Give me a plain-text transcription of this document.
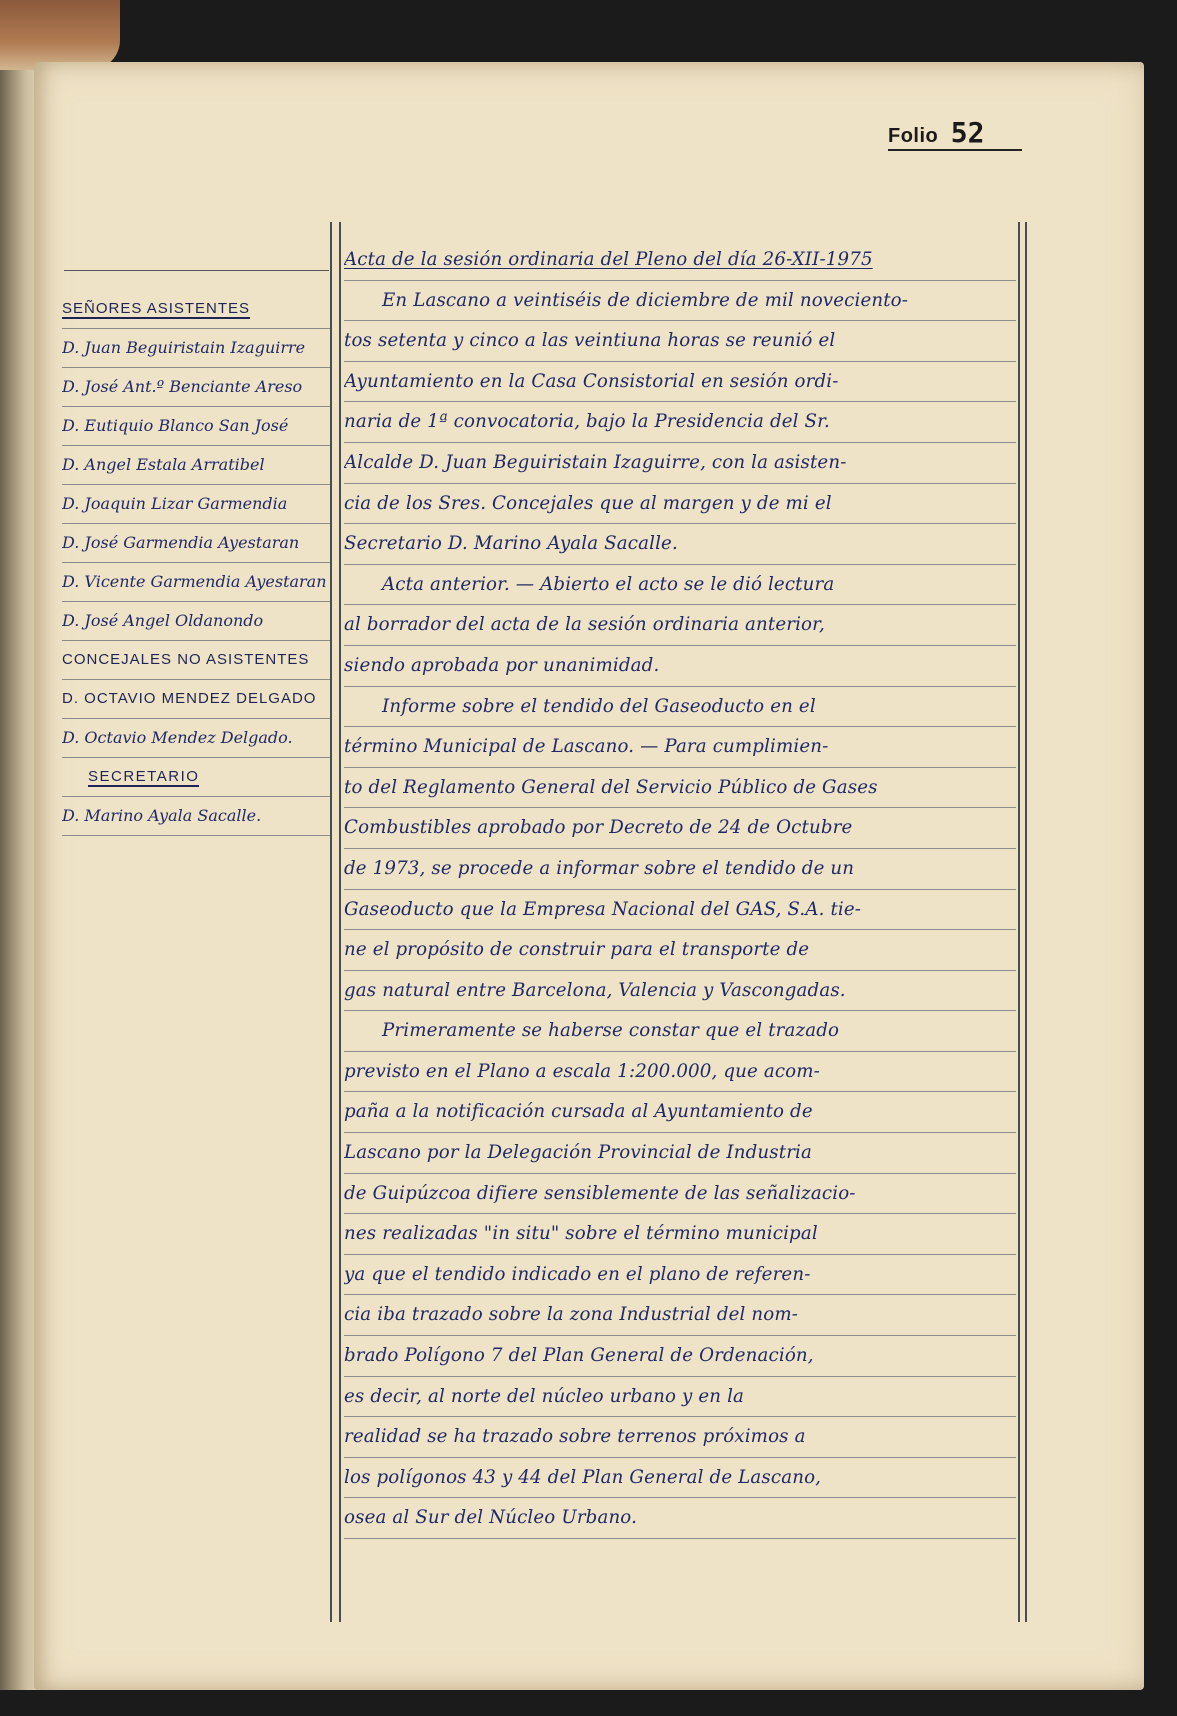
Folio 52
SEÑORES ASISTENTES
D. Juan Beguiristain Izaguirre
D. José Ant.º Benciante Areso
D. Eutiquio Blanco San José
D. Angel Estala Arratibel
D. Joaquin Lizar Garmendia
D. José Garmendia Ayestaran
D. Vicente Garmendia Ayestaran
D. José Angel Oldanondo
CONCEJALES NO ASISTENTES
D. OCTAVIO MENDEZ DELGADO
D. Octavio Mendez Delgado.
SECRETARIO
D. Marino Ayala Sacalle.
Acta de la sesión ordinaria del Pleno del día 26-XII-1975
En Lascano a veintiséis de diciembre de mil noveciento-
tos setenta y cinco a las veintiuna horas se reunió el
Ayuntamiento en la Casa Consistorial en sesión ordi-
naria de 1ª convocatoria, bajo la Presidencia del Sr.
Alcalde D. Juan Beguiristain Izaguirre, con la asisten-
cia de los Sres. Concejales que al margen y de mi el
Secretario D. Marino Ayala Sacalle.
Acta anterior. — Abierto el acto se le dió lectura
al borrador del acta de la sesión ordinaria anterior,
siendo aprobada por unanimidad.
Informe sobre el tendido del Gaseoducto en el
término Municipal de Lascano. — Para cumplimien-
to del Reglamento General del Servicio Público de Gases
Combustibles aprobado por Decreto de 24 de Octubre
de 1973, se procede a informar sobre el tendido de un
Gaseoducto que la Empresa Nacional del GAS, S.A. tie-
ne el propósito de construir para el transporte de
gas natural entre Barcelona, Valencia y Vascongadas.
Primeramente se haberse constar que el trazado
previsto en el Plano a escala 1:200.000, que acom-
paña a la notificación cursada al Ayuntamiento de
Lascano por la Delegación Provincial de Industria
de Guipúzcoa difiere sensiblemente de las señalizacio-
nes realizadas "in situ" sobre el término municipal
ya que el tendido indicado en el plano de referen-
cia iba trazado sobre la zona Industrial del nom-
brado Polígono 7 del Plan General de Ordenación,
es decir, al norte del núcleo urbano y en la
realidad se ha trazado sobre terrenos próximos a
los polígonos 43 y 44 del Plan General de Lascano,
osea al Sur del Núcleo Urbano.
